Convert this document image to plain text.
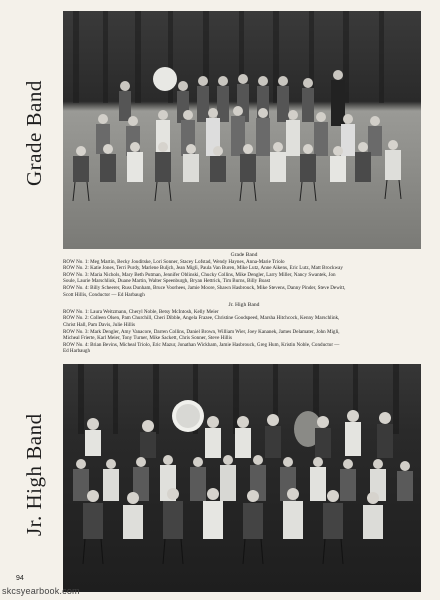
Grade Band
Jr. High Band

Grade Band

ROW No. 1: Meg Martin, Becky Jouditske, Lori Sonner, Stacey Lofstad, Wendy Haynes, Anna-Marie Triolo

ROW No. 2: Katie Jones, Terri Purdy, Marlene Buljch, Jean Migli, Paula Van Buren, Mike Lutz, Anne Aikens, Eric Lutz, Matt Brockway

ROW No. 3: Maria Nichols, Mary Beth Putman, Jennifer Oblinski, Chucky Collins, Mike Dengler, Larry Miller, Nancy Swantek, Jon

Soule, Laurie Marschlink, Duane Martin, Walter Speenburgh, Bryan Hettrick, Tim Burns, Billy Boast

ROW No. 4: Billy Scheerer, Russ Dunham, Bruce Voorhees, Jamie Moore, Shawn Hasbrouck, Mike Stevens, Danny Pinder, Steve Dewitt,

Scott Hillis, Conductor — Ed Harbaugh

Jr. High Band

ROW No. 1: Laura Weitzmann, Cheryl Noble, Betsy McIntosh, Kelly Meier

ROW No. 2: Colleen Olsen, Pam Churchill, Cheri Dibble, Angela Frazee, Christine Goodspeed, Marsha Hitchcock, Kenny Marschlink,

Christ Hall, Pam Davis, Julie Hillis

ROW No. 3: Mark Dengler, Amy Vanacore, Darren Collins, Daniel Brown, William Wier, Joey Kananek, James Delamater, John Migli,

Micheal Frierte, Karl Meier, Tony Turner, Mike Sackett, Chris Sonner, Steve Hillis

ROW No. 4: Brian Bevins, Micheal Triolo, Eric Mazur, Jonathan Wickham, Jamie Hasbrouck, Greg Hum, Kristin Noble, Conductor —

Ed Harbaugh

94
skcsyearbook.com
